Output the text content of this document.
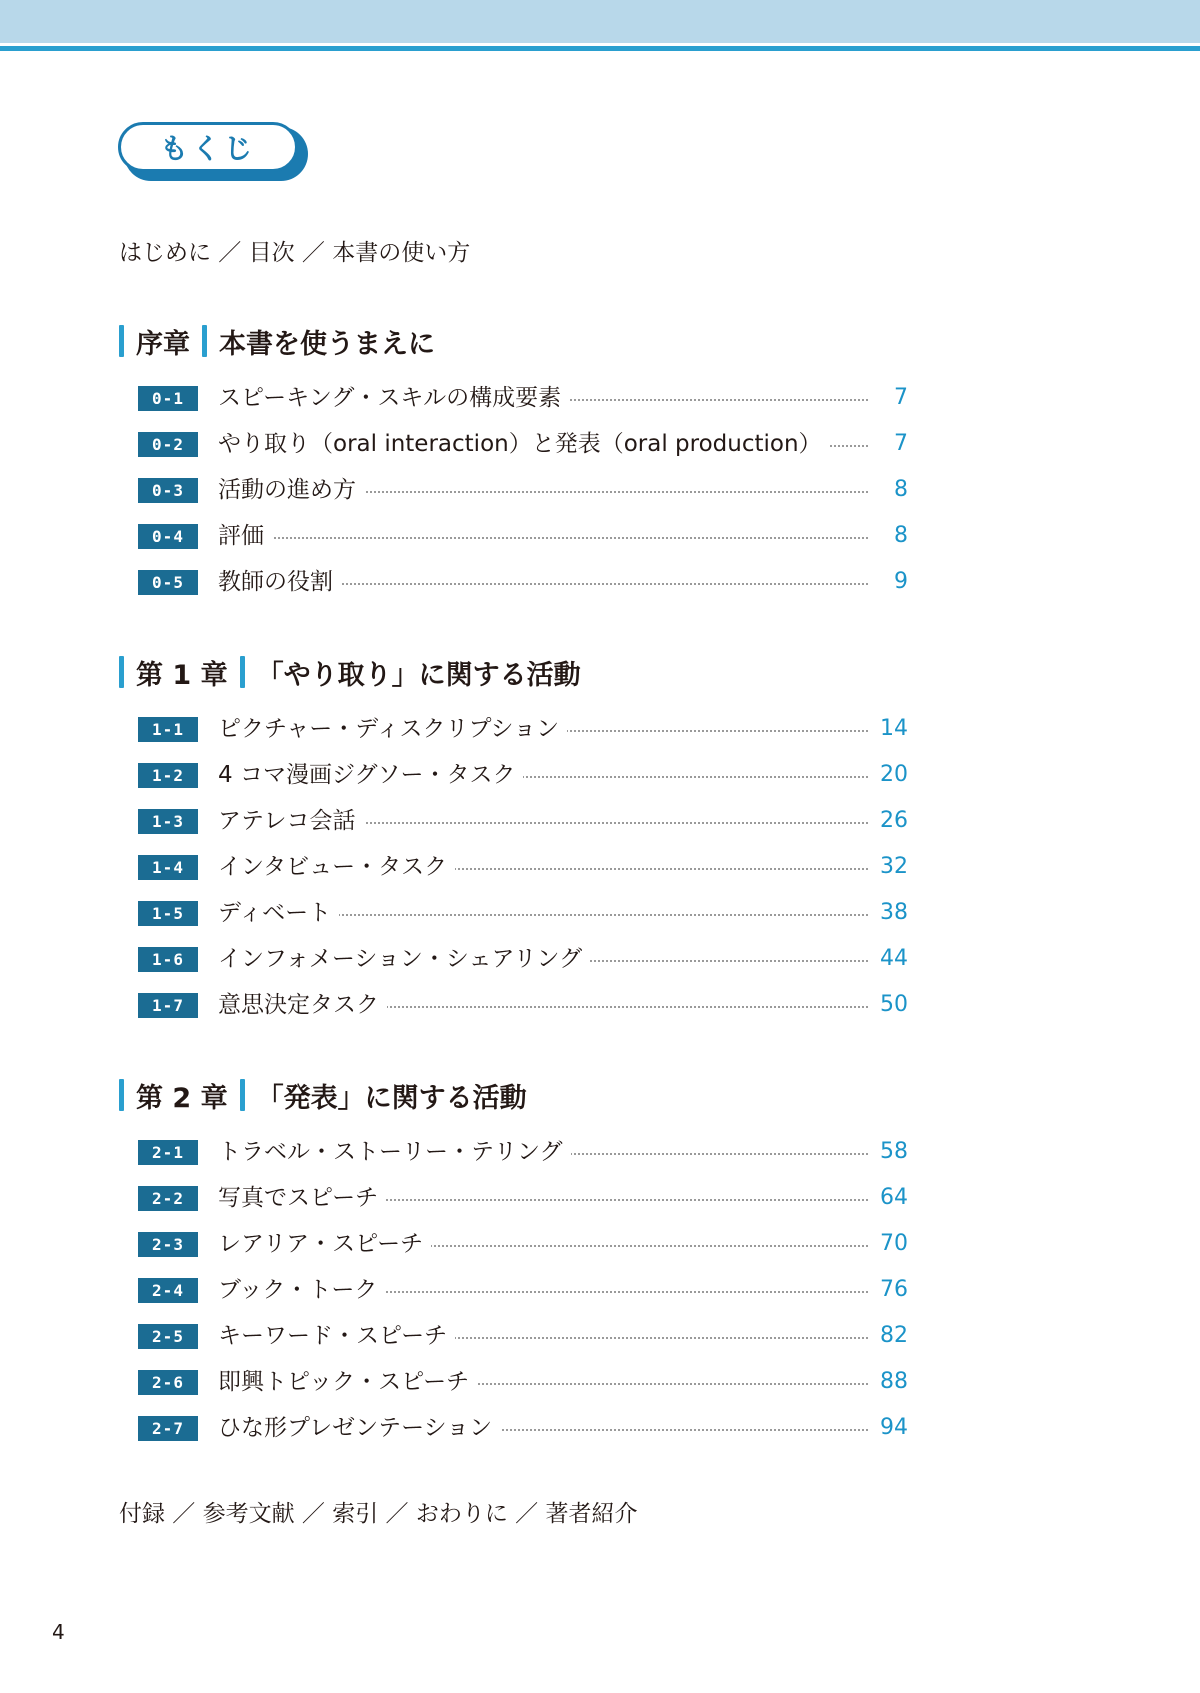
もくじ
はじめに ／ 目次 ／ 本書の使い方
序章 本書を使うまえに
0-1	スピーキング・スキルの構成要素	7
0-2	やり取り（oral interaction）と発表（oral production）	7
0-3	活動の進め方	8
0-4	評価	8
0-5	教師の役割	9
第 1 章 「やり取り」に関する活動
1-1	ピクチャー・ディスクリプション	14
1-2	4 コマ漫画ジグソー・タスク	20
1-3	アテレコ会話	26
1-4	インタビュー・タスク	32
1-5	ディベート	38
1-6	インフォメーション・シェアリング	44
1-7	意思決定タスク	50
第 2 章 「発表」に関する活動
2-1	トラベル・ストーリー・テリング	58
2-2	写真でスピーチ	64
2-3	レアリア・スピーチ	70
2-4	ブック・トーク	76
2-5	キーワード・スピーチ	82
2-6	即興トピック・スピーチ	88
2-7	ひな形プレゼンテーション	94
付録 ／ 参考文献 ／ 索引 ／ おわりに ／ 著者紹介
4
